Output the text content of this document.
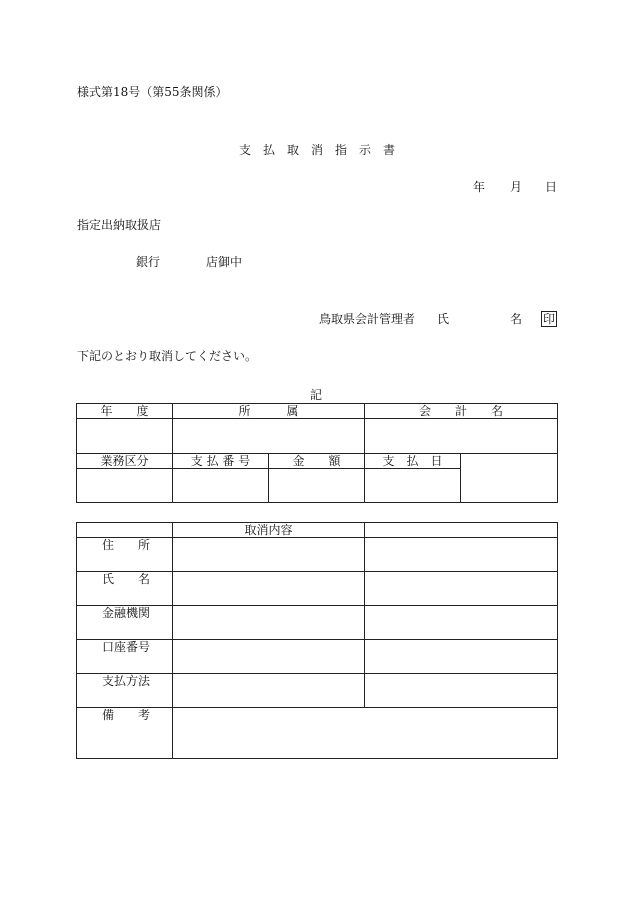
様式第18号（第55条関係）
支　払　取　消　指　示　書
年 月 日
指定出納取扱店
銀行	店御中
鳥取県会計管理者 氏	名 印
下記のとおり取消してください。
記
年　　度	所　　　属		会　　計　　名	

業務区分	支 払 番 号	金　　額	支　払　日	

	取消内容	
住　　所		
氏　　名		
金融機関		
口座番号		
支払方法		
備　　考		
